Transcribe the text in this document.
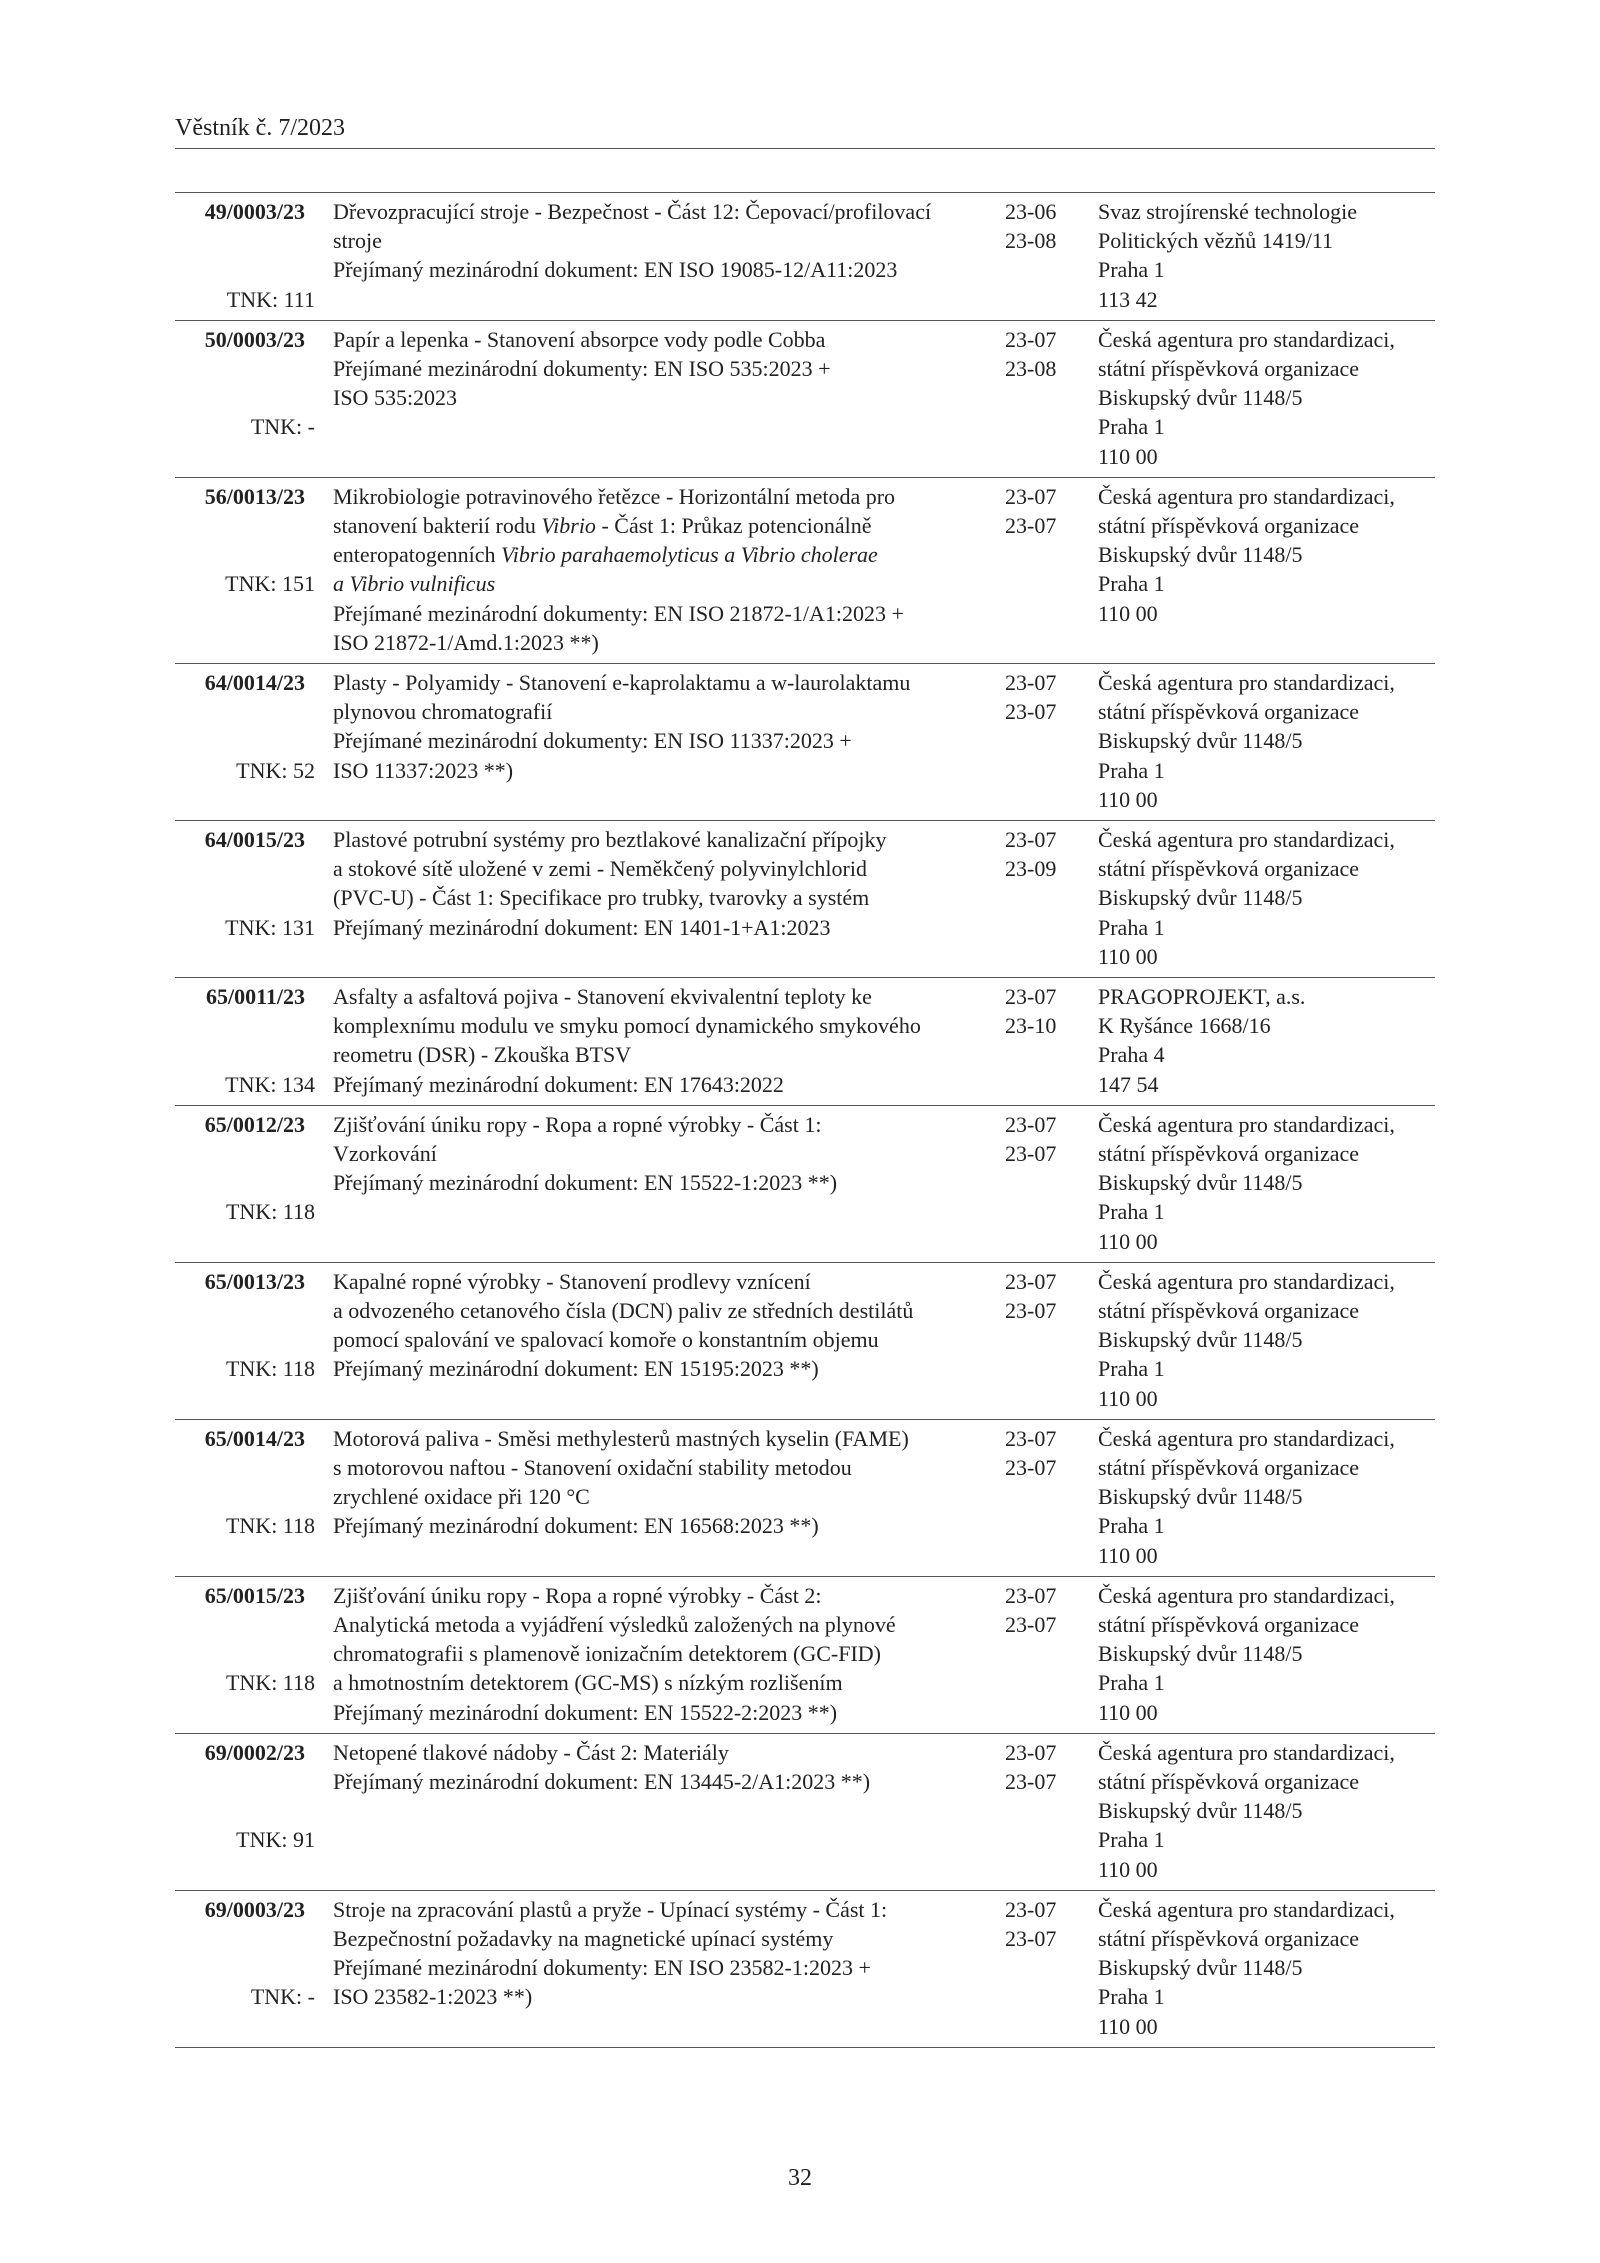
Věstník č. 7/2023
49/0003/23
TNK: 111
Dřevozpracující stroje - Bezpečnost - Část 12: Čepovací/profilovací
stroje
Přejímaný mezinárodní dokument: EN ISO 19085-12/A11:2023
23-06
23-08
Svaz strojírenské technologie
Politických vězňů 1419/11
Praha 1
113 42
50/0003/23
TNK: -
Papír a lepenka - Stanovení absorpce vody podle Cobba
Přejímané mezinárodní dokumenty: EN ISO 535:2023 +
ISO 535:2023
23-07
23-08
Česká agentura pro standardizaci,
státní příspěvková organizace
Biskupský dvůr 1148/5
Praha 1
110 00
56/0013/23
TNK: 151
Mikrobiologie potravinového řetězce - Horizontální metoda pro
stanovení bakterií rodu Vibrio - Část 1: Průkaz potencionálně
enteropatogenních Vibrio parahaemolyticus a Vibrio cholerae
a Vibrio vulnificus
Přejímané mezinárodní dokumenty: EN ISO 21872-1/A1:2023 +
ISO 21872-1/Amd.1:2023 **)
23-07
23-07
Česká agentura pro standardizaci,
státní příspěvková organizace
Biskupský dvůr 1148/5
Praha 1
110 00
64/0014/23
TNK: 52
Plasty - Polyamidy - Stanovení e-kaprolaktamu a w-laurolaktamu
plynovou chromatografií
Přejímané mezinárodní dokumenty: EN ISO 11337:2023 +
ISO 11337:2023 **)
23-07
23-07
Česká agentura pro standardizaci,
státní příspěvková organizace
Biskupský dvůr 1148/5
Praha 1
110 00
64/0015/23
TNK: 131
Plastové potrubní systémy pro beztlakové kanalizační přípojky
a stokové sítě uložené v zemi - Neměkčený polyvinylchlorid
(PVC-U) - Část 1: Specifikace pro trubky, tvarovky a systém
Přejímaný mezinárodní dokument: EN 1401-1+A1:2023
23-07
23-09
Česká agentura pro standardizaci,
státní příspěvková organizace
Biskupský dvůr 1148/5
Praha 1
110 00
65/0011/23
TNK: 134
Asfalty a asfaltová pojiva - Stanovení ekvivalentní teploty ke
komplexnímu modulu ve smyku pomocí dynamického smykového
reometru (DSR) - Zkouška BTSV
Přejímaný mezinárodní dokument: EN 17643:2022
23-07
23-10
PRAGOPROJEKT, a.s.
K Ryšánce 1668/16
Praha 4
147 54
65/0012/23
TNK: 118
Zjišťování úniku ropy - Ropa a ropné výrobky - Část 1:
Vzorkování
Přejímaný mezinárodní dokument: EN 15522-1:2023 **)
23-07
23-07
Česká agentura pro standardizaci,
státní příspěvková organizace
Biskupský dvůr 1148/5
Praha 1
110 00
65/0013/23
TNK: 118
Kapalné ropné výrobky - Stanovení prodlevy vznícení
a odvozeného cetanového čísla (DCN) paliv ze středních destilátů
pomocí spalování ve spalovací komoře o konstantním objemu
Přejímaný mezinárodní dokument: EN 15195:2023 **)
23-07
23-07
Česká agentura pro standardizaci,
státní příspěvková organizace
Biskupský dvůr 1148/5
Praha 1
110 00
65/0014/23
TNK: 118
Motorová paliva - Směsi methylesterů mastných kyselin (FAME)
s motorovou naftou - Stanovení oxidační stability metodou
zrychlené oxidace při 120 °C
Přejímaný mezinárodní dokument: EN 16568:2023 **)
23-07
23-07
Česká agentura pro standardizaci,
státní příspěvková organizace
Biskupský dvůr 1148/5
Praha 1
110 00
65/0015/23
TNK: 118
Zjišťování úniku ropy - Ropa a ropné výrobky - Část 2:
Analytická metoda a vyjádření výsledků založených na plynové
chromatografii s plamenově ionizačním detektorem (GC-FID)
a hmotnostním detektorem (GC-MS) s nízkým rozlišením
Přejímaný mezinárodní dokument: EN 15522-2:2023 **)
23-07
23-07
Česká agentura pro standardizaci,
státní příspěvková organizace
Biskupský dvůr 1148/5
Praha 1
110 00
69/0002/23
TNK: 91
Netopené tlakové nádoby - Část 2: Materiály
Přejímaný mezinárodní dokument: EN 13445-2/A1:2023 **)
23-07
23-07
Česká agentura pro standardizaci,
státní příspěvková organizace
Biskupský dvůr 1148/5
Praha 1
110 00
69/0003/23
TNK: -
Stroje na zpracování plastů a pryže - Upínací systémy - Část 1:
Bezpečnostní požadavky na magnetické upínací systémy
Přejímané mezinárodní dokumenty: EN ISO 23582-1:2023 +
ISO 23582-1:2023 **)
23-07
23-07
Česká agentura pro standardizaci,
státní příspěvková organizace
Biskupský dvůr 1148/5
Praha 1
110 00
32
